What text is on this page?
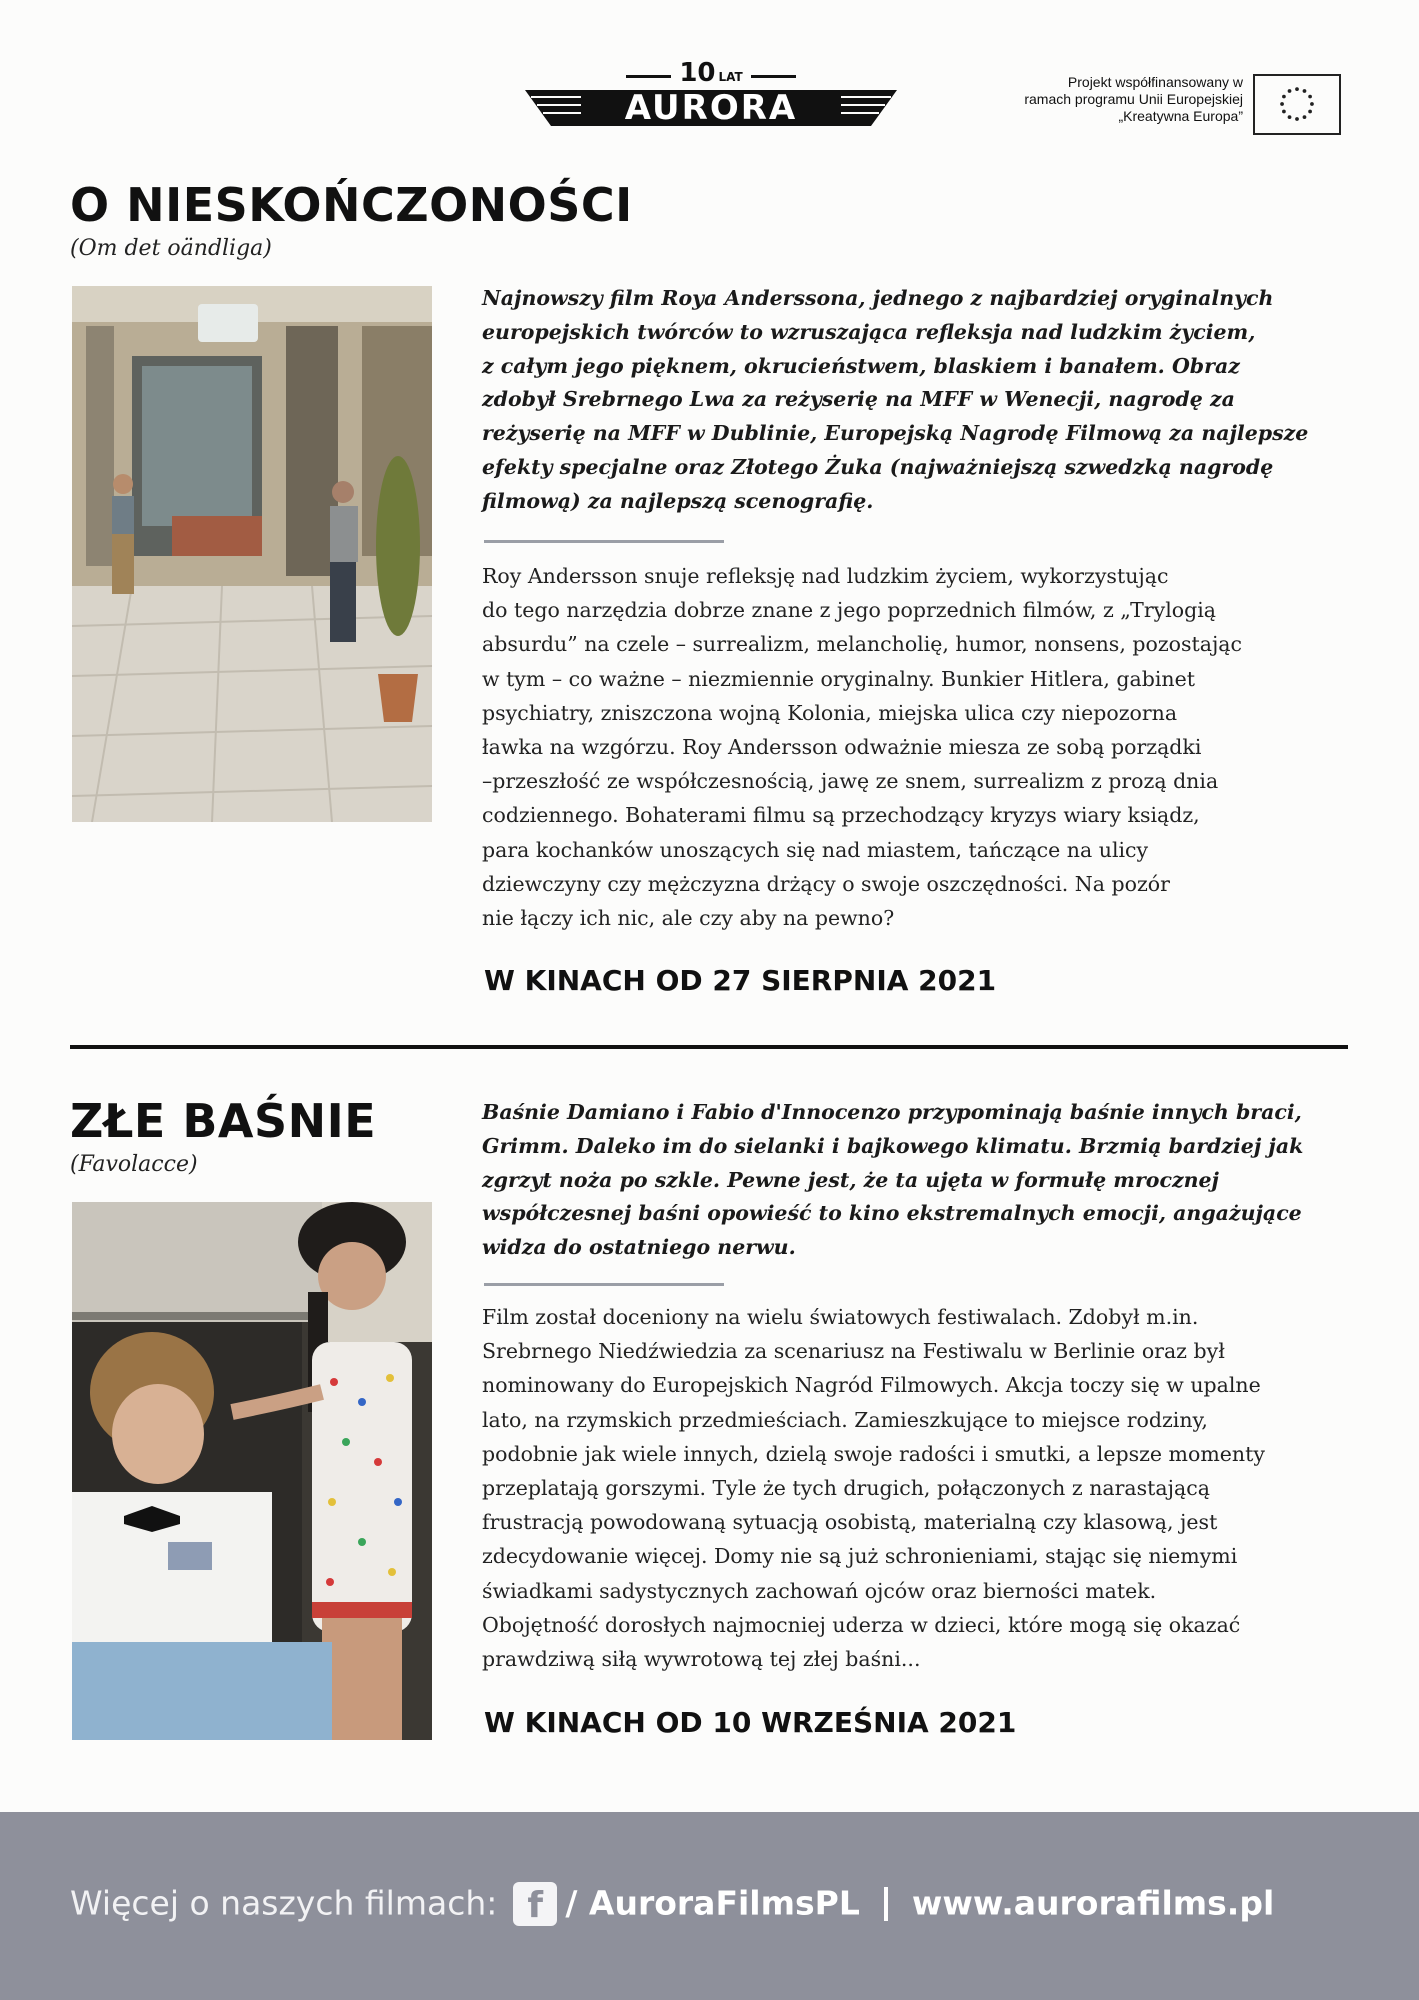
10 LAT
AURORA
Projekt współfinansowany w
ramach programu Unii Europejskiej
„Kreatywna Europa”
O NIESKOŃCZONOŚCI
(Om det oändliga)
Najnowszy film Roya Anderssona, jednego z najbardziej oryginalnych
europejskich twórców to wzruszająca refleksja nad ludzkim życiem,
z całym jego pięknem, okrucieństwem, blaskiem i banałem. Obraz
zdobył Srebrnego Lwa za reżyserię na MFF w Wenecji, nagrodę za
reżyserię na MFF w Dublinie, Europejską Nagrodę Filmową za najlepsze
efekty specjalne oraz Złotego Żuka (najważniejszą szwedzką nagrodę
filmową) za najlepszą scenografię.
Roy Andersson snuje refleksję nad ludzkim życiem, wykorzystując
do tego narzędzia dobrze znane z jego poprzednich filmów, z „Trylogią
absurdu” na czele – surrealizm, melancholię, humor, nonsens, pozostając
w tym – co ważne – niezmiennie oryginalny. Bunkier Hitlera, gabinet
psychiatry, zniszczona wojną Kolonia, miejska ulica czy niepozorna
ławka na wzgórzu. Roy Andersson odważnie miesza ze sobą porządki
–przeszłość ze współczesnością, jawę ze snem, surrealizm z prozą dnia
codziennego. Bohaterami filmu są przechodzący kryzys wiary ksiądz,
para kochanków unoszących się nad miastem, tańczące na ulicy
dziewczyny czy mężczyzna drżący o swoje oszczędności. Na pozór
nie łączy ich nic, ale czy aby na pewno?
W KINACH OD 27 SIERPNIA 2021
ZŁE BAŚNIE
(Favolacce)
Baśnie Damiano i Fabio d'Innocenzo przypominają baśnie innych braci,
Grimm. Daleko im do sielanki i bajkowego klimatu. Brzmią bardziej jak
zgrzyt noża po szkle. Pewne jest, że ta ujęta w formułę mrocznej
współczesnej baśni opowieść to kino ekstremalnych emocji, angażujące
widza do ostatniego nerwu.
Film został doceniony na wielu światowych festiwalach. Zdobył m.in.
Srebrnego Niedźwiedzia za scenariusz na Festiwalu w Berlinie oraz był
nominowany do Europejskich Nagród Filmowych. Akcja toczy się w upalne
lato, na rzymskich przedmieściach. Zamieszkujące to miejsce rodziny,
podobnie jak wiele innych, dzielą swoje radości i smutki, a lepsze momenty
przeplatają gorszymi. Tyle że tych drugich, połączonych z narastającą
frustracją powodowaną sytuacją osobistą, materialną czy klasową, jest
zdecydowanie więcej. Domy nie są już schronieniami, stając się niemymi
świadkami sadystycznych zachowań ojców oraz bierności matek.
Obojętność dorosłych najmocniej uderza w dzieci, które mogą się okazać
prawdziwą siłą wywrotową tej złej baśni...
W KINACH OD 10 WRZEŚNIA 2021
Więcej o naszych filmach: f / AuroraFilmsPL www.aurorafilms.pl
